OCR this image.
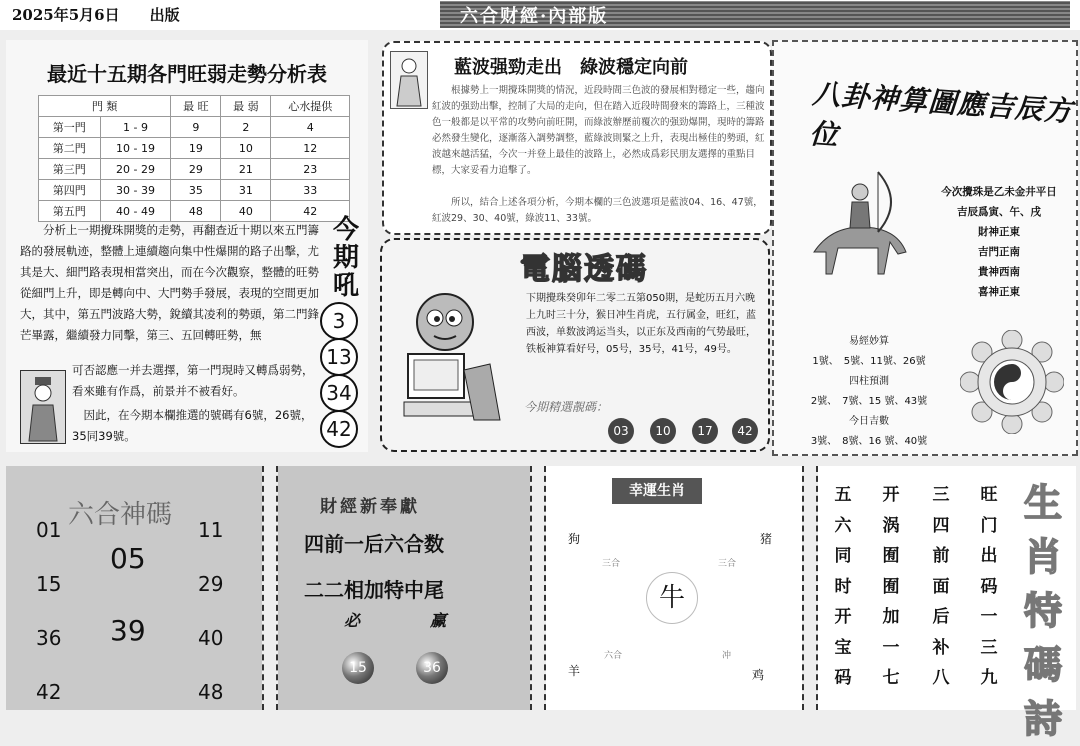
2025年5月6日　　 出版	六合财經·內部版
最近十五期各門旺弱走勢分析表
門 類		最 旺	最 弱	心水提供
第一門	1 - 9	9	2	4
第二門	10 - 19	19	10	12
第三門	20 - 29	29	21	23
第四門	30 - 39	35	31	33
第五門	40 - 49	48	40	42
分析上一期攪珠開獎的走勢，再翻查近十期以來五門籌路的發展軌迹，整體上連續趨向集中性爆開的路子出擊，尤其是大、細門路表現相當突出，而在今次觀察，整體的旺勢從細門上升，即是轉向中、大門勢手發展，表現的空間更加大，其中，第五門波路大勢，銳續其凌利的勢頭，第二門鋒芒畢露，繼續發力同擊，第三、五回轉旺勢，無
可否認應一并去選擇，第一門現時又轉爲弱勢，看來雖有作爲，前景并不被看好。
因此，在今期本欄推選的號碼有6號，26號，35同39號。
今期吼
3
13
34
42
藍波强勁走出　綠波穩定向前
根據勢上一期攪珠開獎的情況，近段時間三色波的發展相對穩定一些，趨向紅波的强勁出擊，控制了大局的走向，但在踏入近段時間發來的籌路上，三種波色一般都是以平常的攻勢向前旺開，而綠波辦歷前覆次的强勁爆開，現時的籌路必然發生變化，逐漸落入調勢調整，藍綠波則緊之上升，表現出極佳的勢頭，紅波越來越活猛，今次一并登上最佳的波路上，必然成爲彩民朋友選擇的重點目標，大家妥看力追擊了。
所以，結合上述各項分析，今期本欄的三色波選項是藍波04、16、47號，紅波29、30、40號，綠波11、33號。
電腦透碼
下期攪珠癸卯年二零二五第050期，是蛇历五月六晚上九时三十分，猴日冲生肖虎，五行属金，旺红，蓝西波，单数波鸿运当头，以正东及西南的气势最旺，铁板神算看好号，05号，35号，41号，49号。
今期精選靚碼：
03	10	17	42
八卦神算圖應吉辰方位
今次攪珠是乙未金井平日
吉辰爲寅、午、戌
財神正東
吉門正南
貴神西南
喜神正東
易經妙算
1號、　5號、11號、26號
四柱預測
2號、　7號、15 號、43號
今日吉數
3號、　8號、16 號、40號
六合神碼
01	11
05
15	29
36 39	40
42	48
財經新奉獻
四前一后六合数
二二相加特中尾
必	赢
15	36
幸運生肖
狗	猪
三合	三合
牛
六合	冲
羊	鸡
五六同时开宝码
开涡囿囿加一七
三四前面后补八
旺门出码一三九
生肖特碼詩
